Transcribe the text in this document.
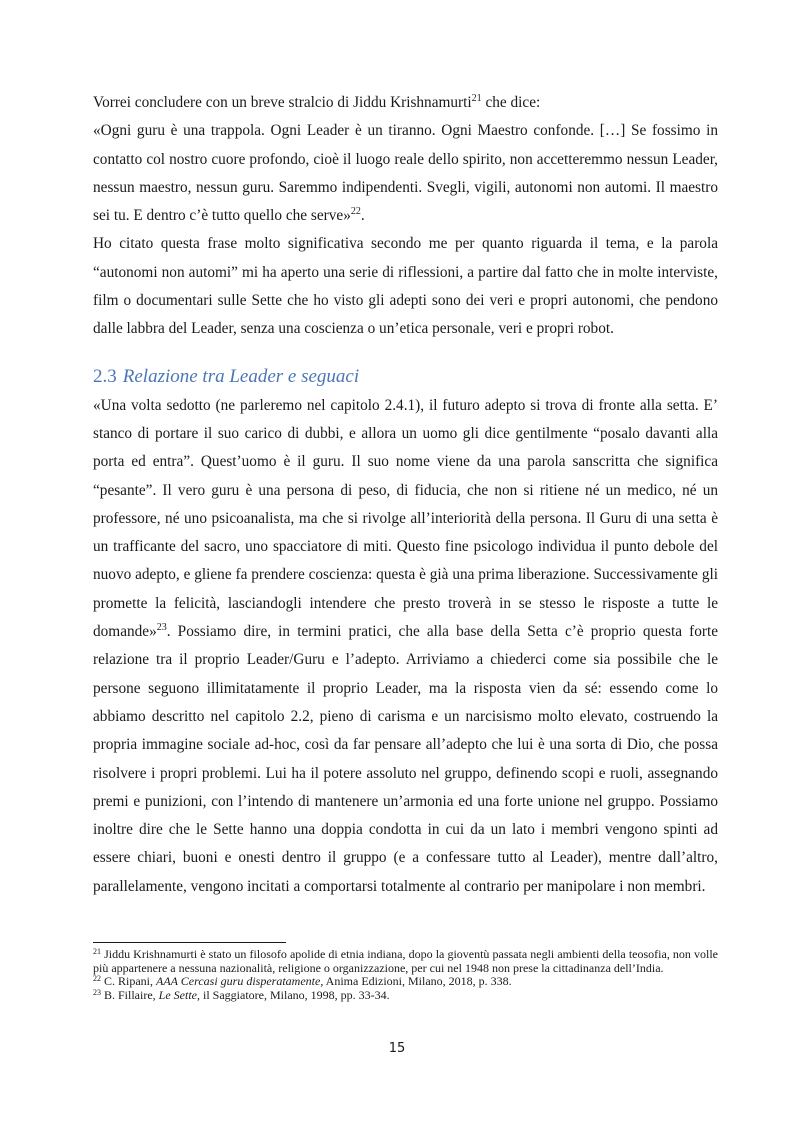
Vorrei concludere con un breve stralcio di Jiddu Krishnamurti$^{21}$ che dice:

«Ogni guru è una trappola. Ogni Leader è un tiranno. Ogni Maestro confonde. […] Se fossimo in contatto col nostro cuore profondo, cioè il luogo reale dello spirito, non accetteremmo nessun Leader, nessun maestro, nessun guru. Saremmo indipendenti. Svegli, vigili, autonomi non automi. Il maestro sei tu. E dentro c’è tutto quello che serve»$^{22}$.

Ho citato questa frase molto significativa secondo me per quanto riguarda il tema, e la parola “autonomi non automi” mi ha aperto una serie di riflessioni, a partire dal fatto che in molte interviste, film o documentari sulle Sette che ho visto gli adepti sono dei veri e propri autonomi, che pendono dalle labbra del Leader, senza una coscienza o un’etica personale, veri e propri robot.

2.3 Relazione tra Leader e seguaci

«Una volta sedotto (ne parleremo nel capitolo 2.4.1), il futuro adepto si trova di fronte alla setta. E’ stanco di portare il suo carico di dubbi, e allora un uomo gli dice gentilmente “posalo davanti alla porta ed entra”. Quest’uomo è il guru. Il suo nome viene da una parola sanscritta che significa “pesante”. Il vero guru è una persona di peso, di fiducia, che non si ritiene né un medico, né un professore, né uno psicoanalista, ma che si rivolge all’interiorità della persona. Il Guru di una setta è un trafficante del sacro, uno spacciatore di miti. Questo fine psicologo individua il punto debole del nuovo adepto, e gliene fa prendere coscienza: questa è già una prima liberazione. Successivamente gli promette la felicità, lasciandogli intendere che presto troverà in se stesso le risposte a tutte le domande»$^{23}$. Possiamo dire, in termini pratici, che alla base della Setta c’è proprio questa forte relazione tra il proprio Leader/Guru e l’adepto. Arriviamo a chiederci come sia possibile che le persone seguono illimitatamente il proprio Leader, ma la risposta vien da sé: essendo come lo abbiamo descritto nel capitolo 2.2, pieno di carisma e un narcisismo molto elevato, costruendo la propria immagine sociale ad-hoc, così da far pensare all’adepto che lui è una sorta di Dio, che possa risolvere i propri problemi. Lui ha il potere assoluto nel gruppo, definendo scopi e ruoli, assegnando premi e punizioni, con l’intendo di mantenere un’armonia ed una forte unione nel gruppo. Possiamo inoltre dire che le Sette hanno una doppia condotta in cui da un lato i membri vengono spinti ad essere chiari, buoni e onesti dentro il gruppo (e a confessare tutto al Leader), mentre dall’altro, parallelamente, vengono incitati a comportarsi totalmente al contrario per manipolare i non membri.

$^{21}$ Jiddu Krishnamurti è stato un filosofo apolide di etnia indiana, dopo la gioventù passata negli ambienti della teosofia, non volle più appartenere a nessuna nazionalità, religione o organizzazione, per cui nel 1948 non prese la cittadinanza dell’India.

$^{22}$ C. Ripani, AAA Cercasi guru disperatamente, Anima Edizioni, Milano, 2018, p. 338.

$^{23}$ B. Fillaire, Le Sette, il Saggiatore, Milano, 1998, pp. 33-34.

15
